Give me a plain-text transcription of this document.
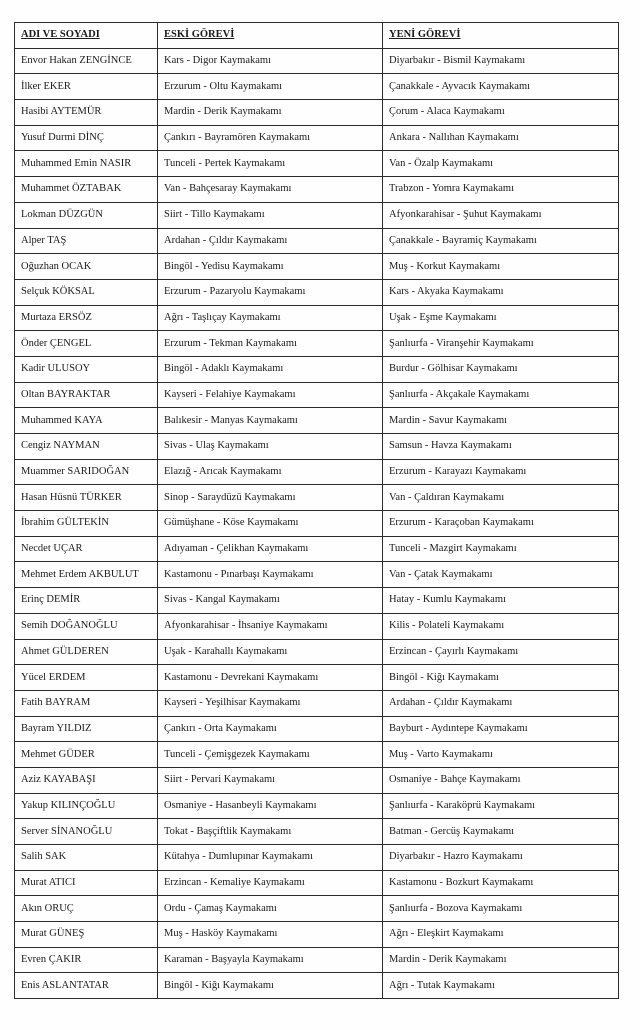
ADI VE SOYADI	ESKİ GÖREVİ	YENİ GÖREVİ
Envor Hakan ZENGİNCE	Kars - Digor Kaymakamı	Diyarbakır - Bismil Kaymakamı
İlker EKER	Erzurum - Oltu Kaymakamı	Çanakkale - Ayvacık Kaymakamı
Hasibi AYTEMÜR	Mardin - Derik Kaymakamı	Çorum - Alaca Kaymakamı
Yusuf Durmi DİNÇ	Çankırı - Bayramören Kaymakamı	Ankara - Nallıhan Kaymakamı
Muhammed Emin NASIR	Tunceli - Pertek Kaymakamı	Van - Özalp Kaymakamı
Muhammet ÖZTABAK	Van - Bahçesaray Kaymakamı	Trabzon - Yomra Kaymakamı
Lokman DÜZGÜN	Siirt - Tillo Kaymakamı	Afyonkarahisar - Şuhut Kaymakamı
Alper TAŞ	Ardahan - Çıldır Kaymakamı	Çanakkale - Bayramiç Kaymakamı
Oğuzhan OCAK	Bingöl - Yedisu Kaymakamı	Muş - Korkut Kaymakamı
Selçuk KÖKSAL	Erzurum - Pazaryolu Kaymakamı	Kars - Akyaka Kaymakamı
Murtaza ERSÖZ	Ağrı - Taşlıçay Kaymakamı	Uşak - Eşme Kaymakamı
Önder ÇENGEL	Erzurum - Tekman Kaymakamı	Şanlıurfa - Viranşehir Kaymakamı
Kadir ULUSOY	Bingöl - Adaklı Kaymakamı	Burdur - Gölhisar Kaymakamı
Oltan BAYRAKTAR	Kayseri - Felahiye Kaymakamı	Şanlıurfa - Akçakale Kaymakamı
Muhammed KAYA	Balıkesir - Manyas Kaymakamı	Mardin - Savur Kaymakamı
Cengiz NAYMAN	Sivas - Ulaş Kaymakamı	Samsun - Havza Kaymakamı
Muammer SARIDOĞAN	Elazığ - Arıcak Kaymakamı	Erzurum - Karayazı Kaymakamı
Hasan Hüsnü TÜRKER	Sinop - Saraydüzü Kaymakamı	Van - Çaldıran Kaymakamı
İbrahim GÜLTEKİN	Gümüşhane - Köse Kaymakamı	Erzurum - Karaçoban Kaymakamı
Necdet UÇAR	Adıyaman - Çelikhan Kaymakamı	Tunceli - Mazgirt Kaymakamı
Mehmet Erdem AKBULUT	Kastamonu - Pınarbaşı Kaymakamı	Van - Çatak Kaymakamı
Erinç DEMİR	Sivas - Kangal Kaymakamı	Hatay - Kumlu Kaymakamı
Semih DOĞANOĞLU	Afyonkarahisar - İhsaniye Kaymakamı	Kilis - Polateli Kaymakamı
Ahmet GÜLDEREN	Uşak - Karahallı Kaymakamı	Erzincan - Çayırlı Kaymakamı
Yücel ERDEM	Kastamonu - Devrekani Kaymakamı	Bingöl - Kiğı Kaymakamı
Fatih BAYRAM	Kayseri - Yeşilhisar Kaymakamı	Ardahan - Çıldır Kaymakamı
Bayram YILDIZ	Çankırı - Orta Kaymakamı	Bayburt - Aydıntepe Kaymakamı
Mehmet GÜDER	Tunceli - Çemişgezek Kaymakamı	Muş - Varto Kaymakamı
Aziz KAYABAŞI	Siirt - Pervari Kaymakamı	Osmaniye - Bahçe Kaymakamı
Yakup KILINÇOĞLU	Osmaniye - Hasanbeyli Kaymakamı	Şanlıurfa - Karaköprü Kaymakamı
Server SİNANOĞLU	Tokat - Başçiftlik Kaymakamı	Batman - Gercüş Kaymakamı
Salih SAK	Kütahya - Dumlupınar Kaymakamı	Diyarbakır - Hazro Kaymakamı
Murat ATICI	Erzincan - Kemaliye Kaymakamı	Kastamonu - Bozkurt Kaymakamı
Akın ORUÇ	Ordu - Çamaş Kaymakamı	Şanlıurfa - Bozova Kaymakamı
Murat GÜNEŞ	Muş - Hasköy Kaymakamı	Ağrı - Eleşkirt Kaymakamı
Evren ÇAKIR	Karaman - Başyayla Kaymakamı	Mardin - Derik Kaymakamı
Enis ASLANTATAR	Bingöl - Kiğı Kaymakamı	Ağrı - Tutak Kaymakamı
